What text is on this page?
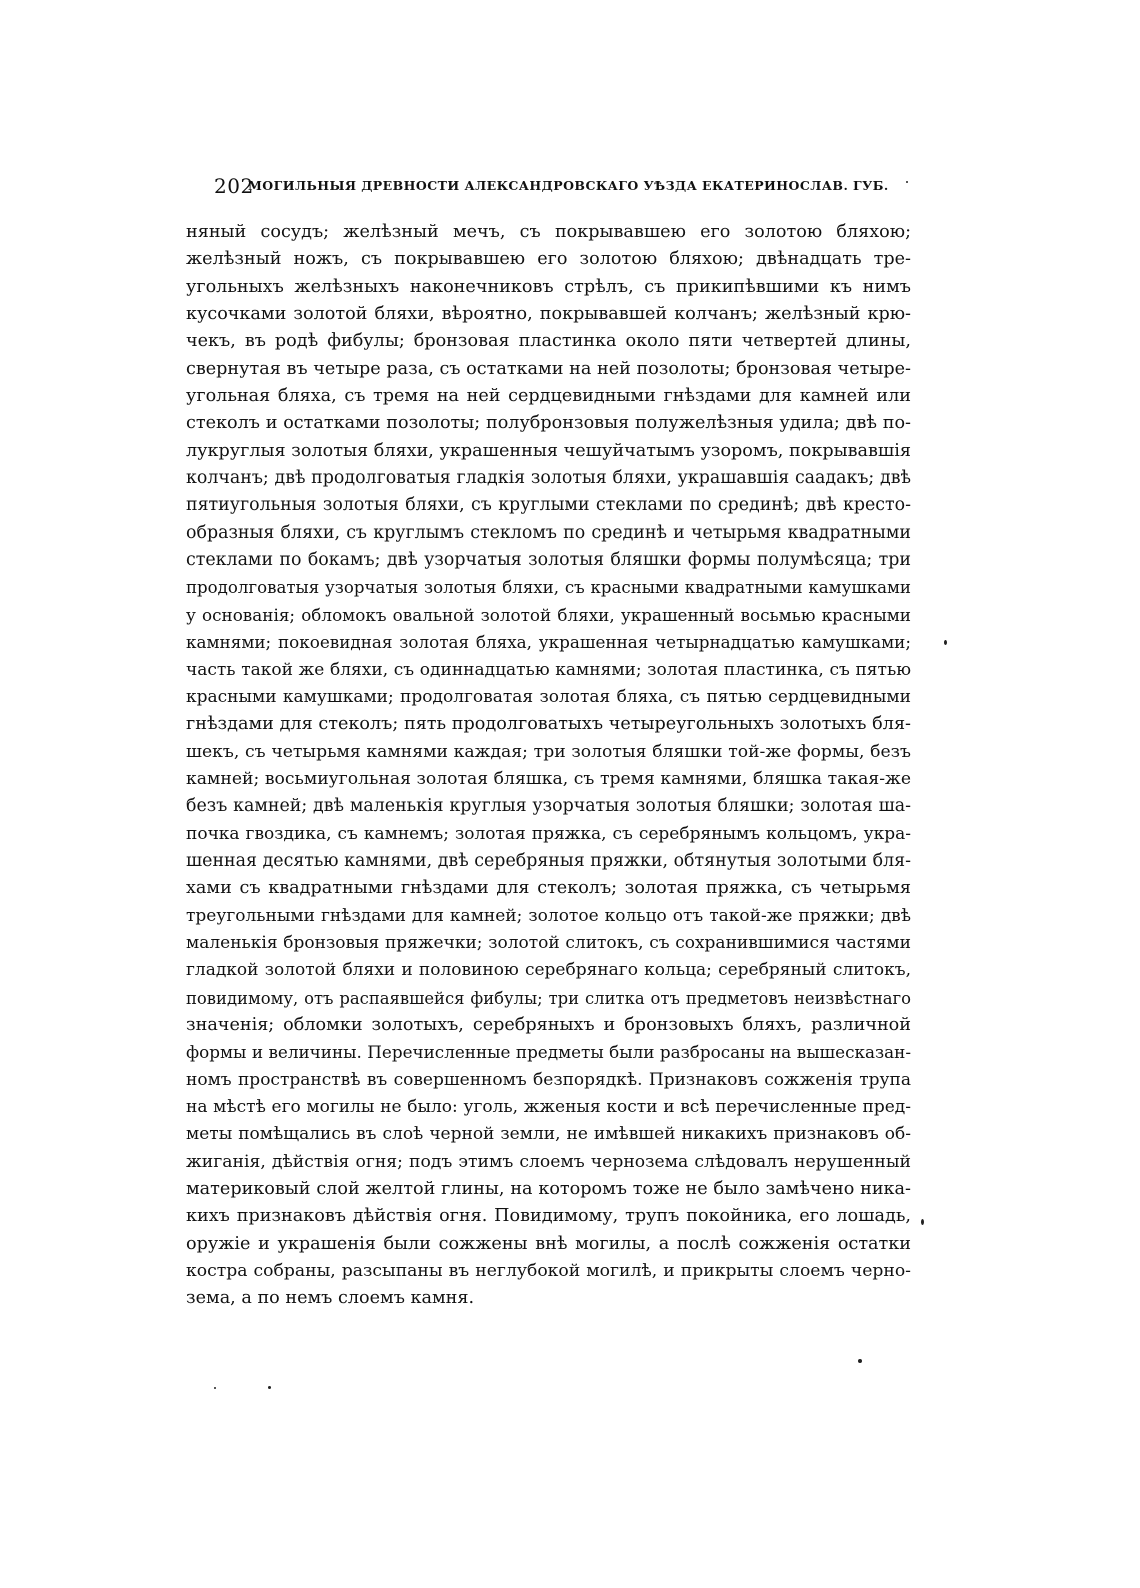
202
МОГИЛЬНЫЯ ДРЕВНОСТИ АЛЕКСАНДРОВСКАГО УѢЗДА ЕКАТЕРИНОСЛАВ. ГУБ.
няный сосудъ; желѣзный мечъ, съ покрывавшею его золотою бляхою;
желѣзный ножъ, съ покрывавшею его золотою бляхою; двѣнадцать тре-
угольныхъ желѣзныхъ наконечниковъ стрѣлъ, съ прикипѣвшими къ нимъ
кусочками золотой бляхи, вѣроятно, покрывавшей колчанъ; желѣзный крю-
чекъ, въ родѣ фибулы; бронзовая пластинка около пяти четвертей длины,
свернутая въ четыре раза, съ остатками на ней позолоты; бронзовая четыре-
угольная бляха, съ тремя на ней сердцевидными гнѣздами для камней или
стеколъ и остатками позолоты; полубронзовыя полужелѣзныя удила; двѣ по-
лукруглыя золотыя бляхи, украшенныя чешуйчатымъ узоромъ, покрывавшія
колчанъ; двѣ продолговатыя гладкія золотыя бляхи, украшавшія саадакъ; двѣ
пятиугольныя золотыя бляхи, съ круглыми стеклами по срединѣ; двѣ кресто-
образныя бляхи, съ круглымъ стекломъ по срединѣ и четырьмя квадратными
стеклами по бокамъ; двѣ узорчатыя золотыя бляшки формы полумѣсяца; три
продолговатыя узорчатыя золотыя бляхи, съ красными квадратными камушками
у основанія; обломокъ овальной золотой бляхи, украшенный восьмью красными
камнями; покоевидная золотая бляха, украшенная четырнадцатью камушками;
часть такой же бляхи, съ одиннадцатью камнями; золотая пластинка, съ пятью
красными камушками; продолговатая золотая бляха, съ пятью сердцевидными
гнѣздами для стеколъ; пять продолговатыхъ четыреугольныхъ золотыхъ бля-
шекъ, съ четырьмя камнями каждая; три золотыя бляшки той-же формы, безъ
камней; восьмиугольная золотая бляшка, съ тремя камнями, бляшка такая-же
безъ камней; двѣ маленькія круглыя узорчатыя золотыя бляшки; золотая ша-
почка гвоздика, съ камнемъ; золотая пряжка, съ серебрянымъ кольцомъ, укра-
шенная десятью камнями, двѣ серебряныя пряжки, обтянутыя золотыми бля-
хами съ квадратными гнѣздами для стеколъ; золотая пряжка, съ четырьмя
треугольными гнѣздами для камней; золотое кольцо отъ такой-же пряжки; двѣ
маленькія бронзовыя пряжечки; золотой слитокъ, съ сохранившимися частями
гладкой золотой бляхи и половиною серебрянаго кольца; серебряный слитокъ,
повидимому, отъ распаявшейся фибулы; три слитка отъ предметовъ неизвѣстнаго
значенія; обломки золотыхъ, серебряныхъ и бронзовыхъ бляхъ, различной
формы и величины. Перечисленные предметы были разбросаны на вышесказан-
номъ пространствѣ въ совершенномъ безпорядкѣ. Признаковъ сожженія трупа
на мѣстѣ его могилы не было: уголь, жженыя кости и всѣ перечисленные пред-
меты помѣщались въ слоѣ черной земли, не имѣвшей никакихъ признаковъ об-
жиганія, дѣйствія огня; подъ этимъ слоемъ чернозема слѣдовалъ нерушенный
материковый слой желтой глины, на которомъ тоже не было замѣчено ника-
кихъ признаковъ дѣйствія огня. Повидимому, трупъ покойника, его лошадь,
оружіе и украшенія были сожжены внѣ могилы, а послѣ сожженія остатки
костра собраны, разсыпаны въ неглубокой могилѣ, и прикрыты слоемъ черно-
зема, а по немъ слоемъ камня.
